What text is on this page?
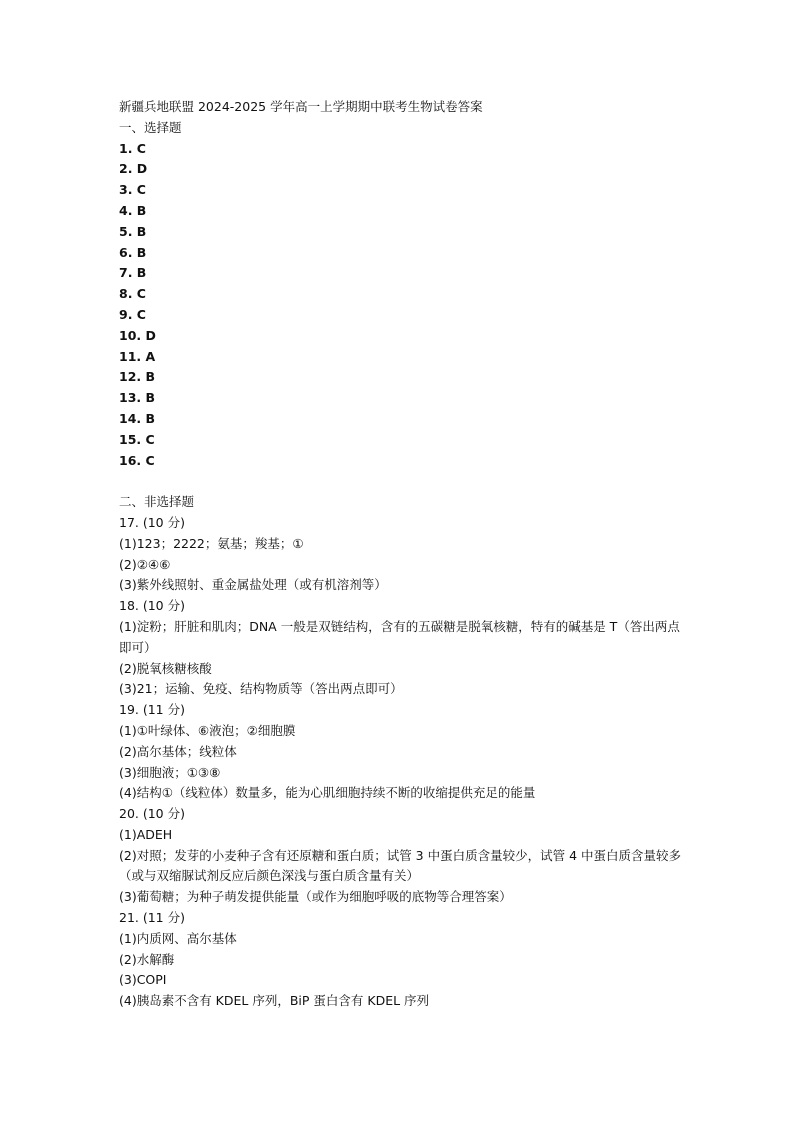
新疆兵地联盟 2024-2025 学年高一上学期期中联考生物试卷答案
一、选择题
1. C
2. D
3. C
4. B
5. B
6. B
7. B
8. C
9. C
10. D
11. A
12. B
13. B
14. B
15. C
16. C
二、非选择题
17. (10 分)
(1)123；2222；氨基；羧基；①
(2)②④⑥
(3)紫外线照射、重金属盐处理（或有机溶剂等）
18. (10 分)
(1)淀粉；肝脏和肌肉；DNA 一般是双链结构，含有的五碳糖是脱氧核糖，特有的碱基是 T（答出两点即可）
(2)脱氧核糖核酸
(3)21；运输、免疫、结构物质等（答出两点即可）
19. (11 分)
(1)①叶绿体、⑥液泡；②细胞膜
(2)高尔基体；线粒体
(3)细胞液；①③⑧
(4)结构①（线粒体）数量多，能为心肌细胞持续不断的收缩提供充足的能量
20. (10 分)
(1)ADEH
(2)对照；发芽的小麦种子含有还原糖和蛋白质；试管 3 中蛋白质含量较少，试管 4 中蛋白质含量较多（或与双缩脲试剂反应后颜色深浅与蛋白质含量有关）
(3)葡萄糖；为种子萌发提供能量（或作为细胞呼吸的底物等合理答案）
21. (11 分)
(1)内质网、高尔基体
(2)水解酶
(3)COPI
(4)胰岛素不含有 KDEL 序列，BiP 蛋白含有 KDEL 序列
